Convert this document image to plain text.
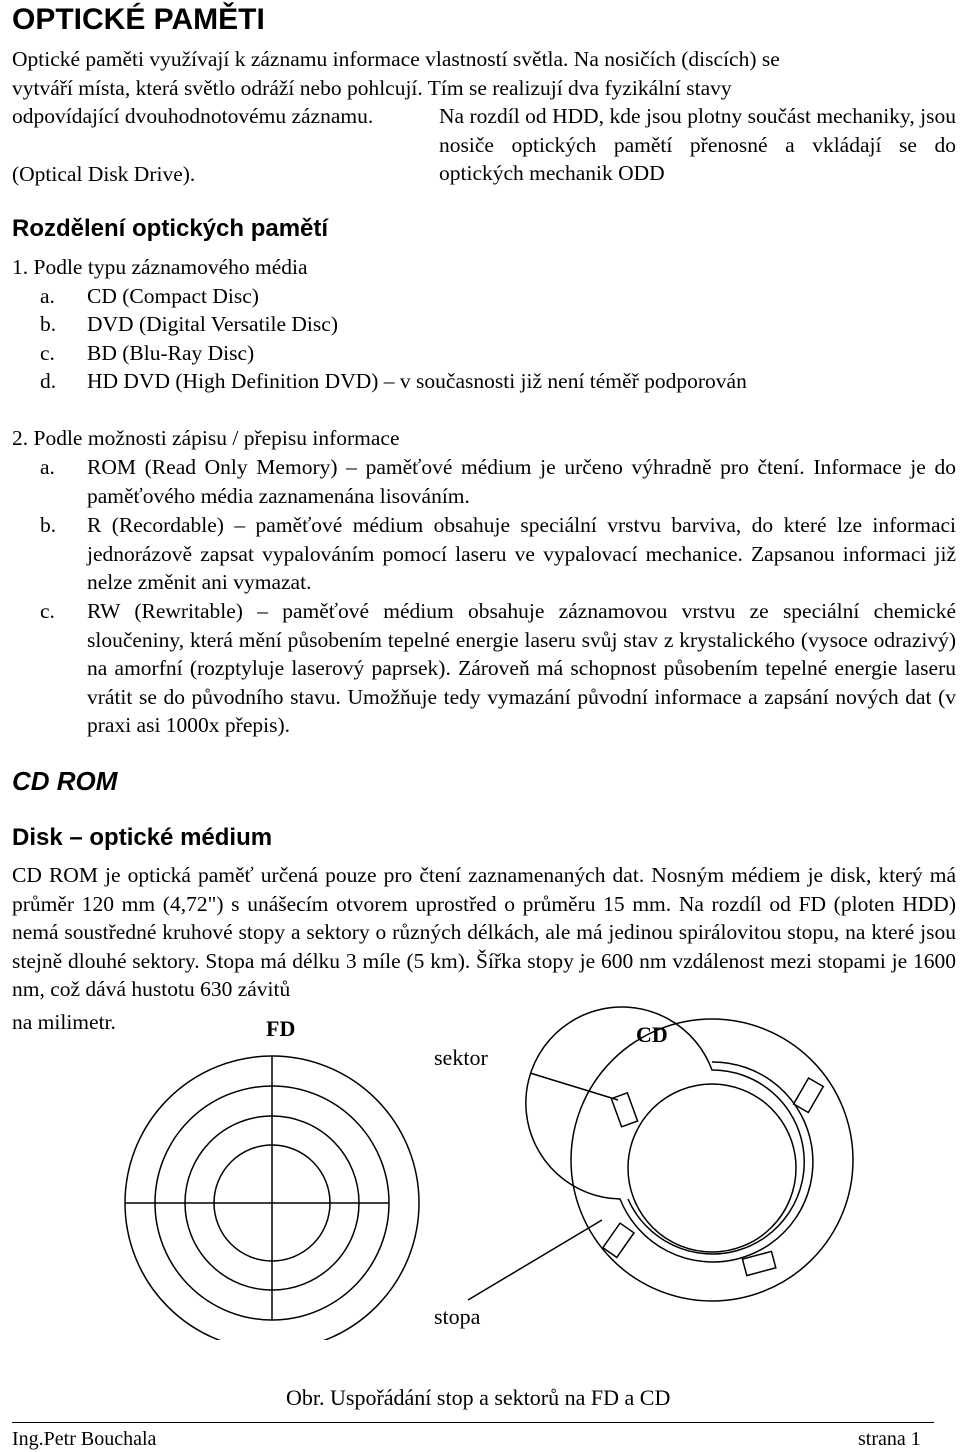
OPTICKÉ PAMĚTI
Optické paměti využívají k záznamu informace vlastností světla. Na nosičích (discích) se
vytváří místa, která světlo odráží nebo pohlcují. Tím se realizují dva fyzikální stavy
odpovídající dvouhodnotovému záznamu.	Na rozdíl od HDD, kde jsou plotny součást mechaniky, jsou nosiče optických pamětí přenosné a vkládají se do optických mechanik ODD
(Optical Disk Drive).
Rozdělení optických pamětí
1. Podle typu záznamového média
a. CD (Compact Disc)
b. DVD (Digital Versatile Disc)
c. BD (Blu-Ray Disc)
d. HD DVD (High Definition DVD) – v současnosti již není téměř podporován
2. Podle možnosti zápisu / přepisu informace
a. ROM (Read Only Memory) – paměťové médium je určeno výhradně pro čtení. Informace je do paměťového média zaznamenána lisováním.
b. R (Recordable) – paměťové médium obsahuje speciální vrstvu barviva, do které lze informaci jednorázově zapsat vypalováním pomocí laseru ve vypalovací mechanice. Zapsanou informaci již nelze změnit ani vymazat.
c. RW (Rewritable) – paměťové médium obsahuje záznamovou vrstvu ze speciální chemické sloučeniny, která mění působením tepelné energie laseru svůj stav z krystalického (vysoce odrazivý) na amorfní (rozptyluje laserový paprsek). Zároveň má schopnost působením tepelné energie laseru vrátit se do původního stavu. Umožňuje tedy vymazání původní informace a zapsání nových dat (v praxi asi 1000x přepis).
CD ROM
Disk – optické médium
CD ROM je optická paměť určená pouze pro čtení zaznamenaných dat. Nosným médiem je disk, který má průměr 120 mm (4,72") s unášecím otvorem uprostřed o průměru 15 mm. Na rozdíl od FD (ploten HDD) nemá soustředné kruhové stopy a sektory o různých délkách, ale má jedinou spirálovitou stopu, na které jsou stejně dlouhé sektory. Stopa má délku 3 míle (5 km). Šířka stopy je 600 nm vzdálenost mezi stopami je 1600 nm, což dává hustotu 630 závitů
na milimetr.	FD	CD
sektor
stopa
Obr. Uspořádání stop a sektorů na FD a CD
Ing.Petr Bouchala	strana 1
